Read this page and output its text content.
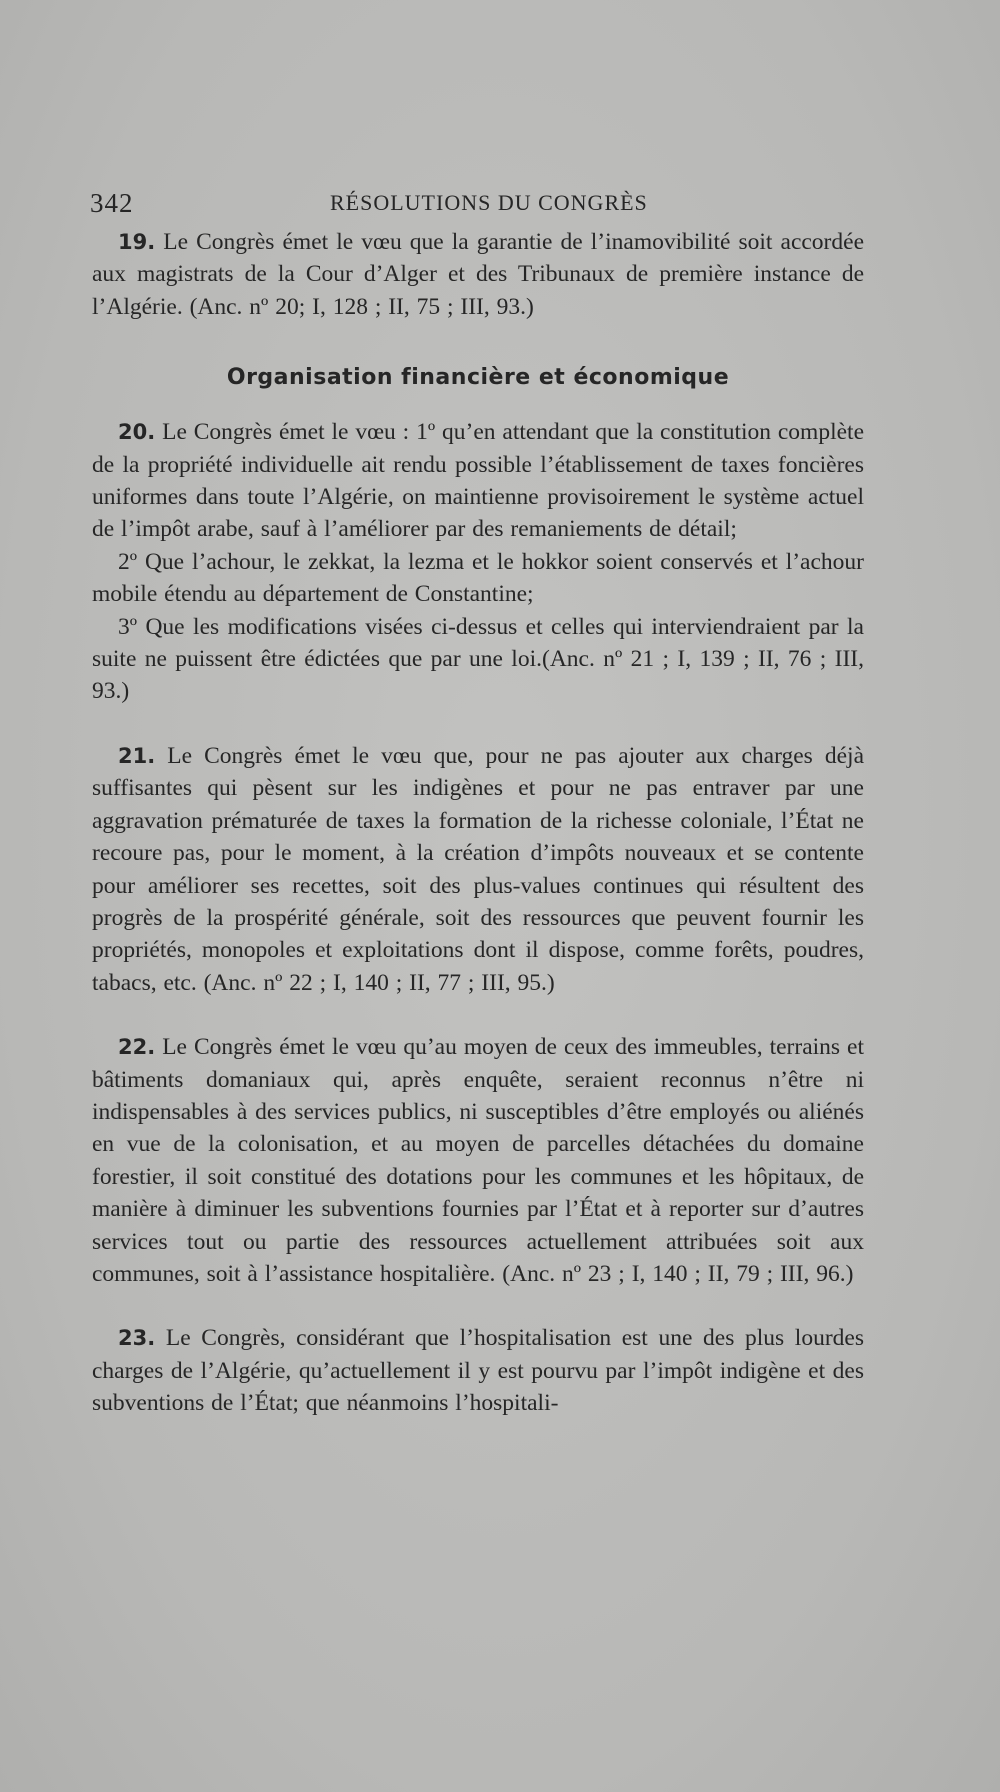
342	RÉSOLUTIONS DU CONGRÈS

19. Le Congrès émet le vœu que la garantie de l’inamovibilité soit accordée aux magistrats de la Cour d’Alger et des Tribunaux de première instance de l’Algérie. (Anc. nº 20; I, 128 ; II, 75 ; III, 93.)

Organisation financière et économique

20. Le Congrès émet le vœu : 1º qu’en attendant que la constitution complète de la propriété individuelle ait rendu possible l’établissement de taxes foncières uniformes dans toute l’Algérie, on maintienne provisoirement le système actuel de l’impôt arabe, sauf à l’améliorer par des remaniements de détail;

2º Que l’achour, le zekkat, la lezma et le hokkor soient conservés et l’achour mobile étendu au département de Constantine;

3º Que les modifications visées ci-dessus et celles qui interviendraient par la suite ne puissent être édictées que par une loi.(Anc. nº 21 ; I, 139 ; II, 76 ; III, 93.)

21. Le Congrès émet le vœu que, pour ne pas ajouter aux charges déjà suffisantes qui pèsent sur les indigènes et pour ne pas entraver par une aggravation prématurée de taxes la formation de la richesse coloniale, l’État ne recoure pas, pour le moment, à la création d’impôts nouveaux et se contente pour améliorer ses recettes, soit des plus-values continues qui résultent des progrès de la prospérité générale, soit des ressources que peuvent fournir les propriétés, monopoles et exploitations dont il dispose, comme forêts, poudres, tabacs, etc. (Anc. nº 22 ; I, 140 ; II, 77 ; III, 95.)

22. Le Congrès émet le vœu qu’au moyen de ceux des immeubles, terrains et bâtiments domaniaux qui, après enquête, seraient reconnus n’être ni indispensables à des services publics, ni susceptibles d’être employés ou aliénés en vue de la colonisation, et au moyen de parcelles détachées du domaine forestier, il soit constitué des dotations pour les communes et les hôpitaux, de manière à diminuer les subventions fournies par l’État et à reporter sur d’autres services tout ou partie des ressources actuellement attribuées soit aux communes, soit à l’assistance hospitalière. (Anc. nº 23 ; I, 140 ; II, 79 ; III, 96.)

23. Le Congrès, considérant que l’hospitalisation est une des plus lourdes charges de l’Algérie, qu’actuellement il y est pourvu par l’impôt indigène et des subventions de l’État; que néanmoins l’hospitali-
